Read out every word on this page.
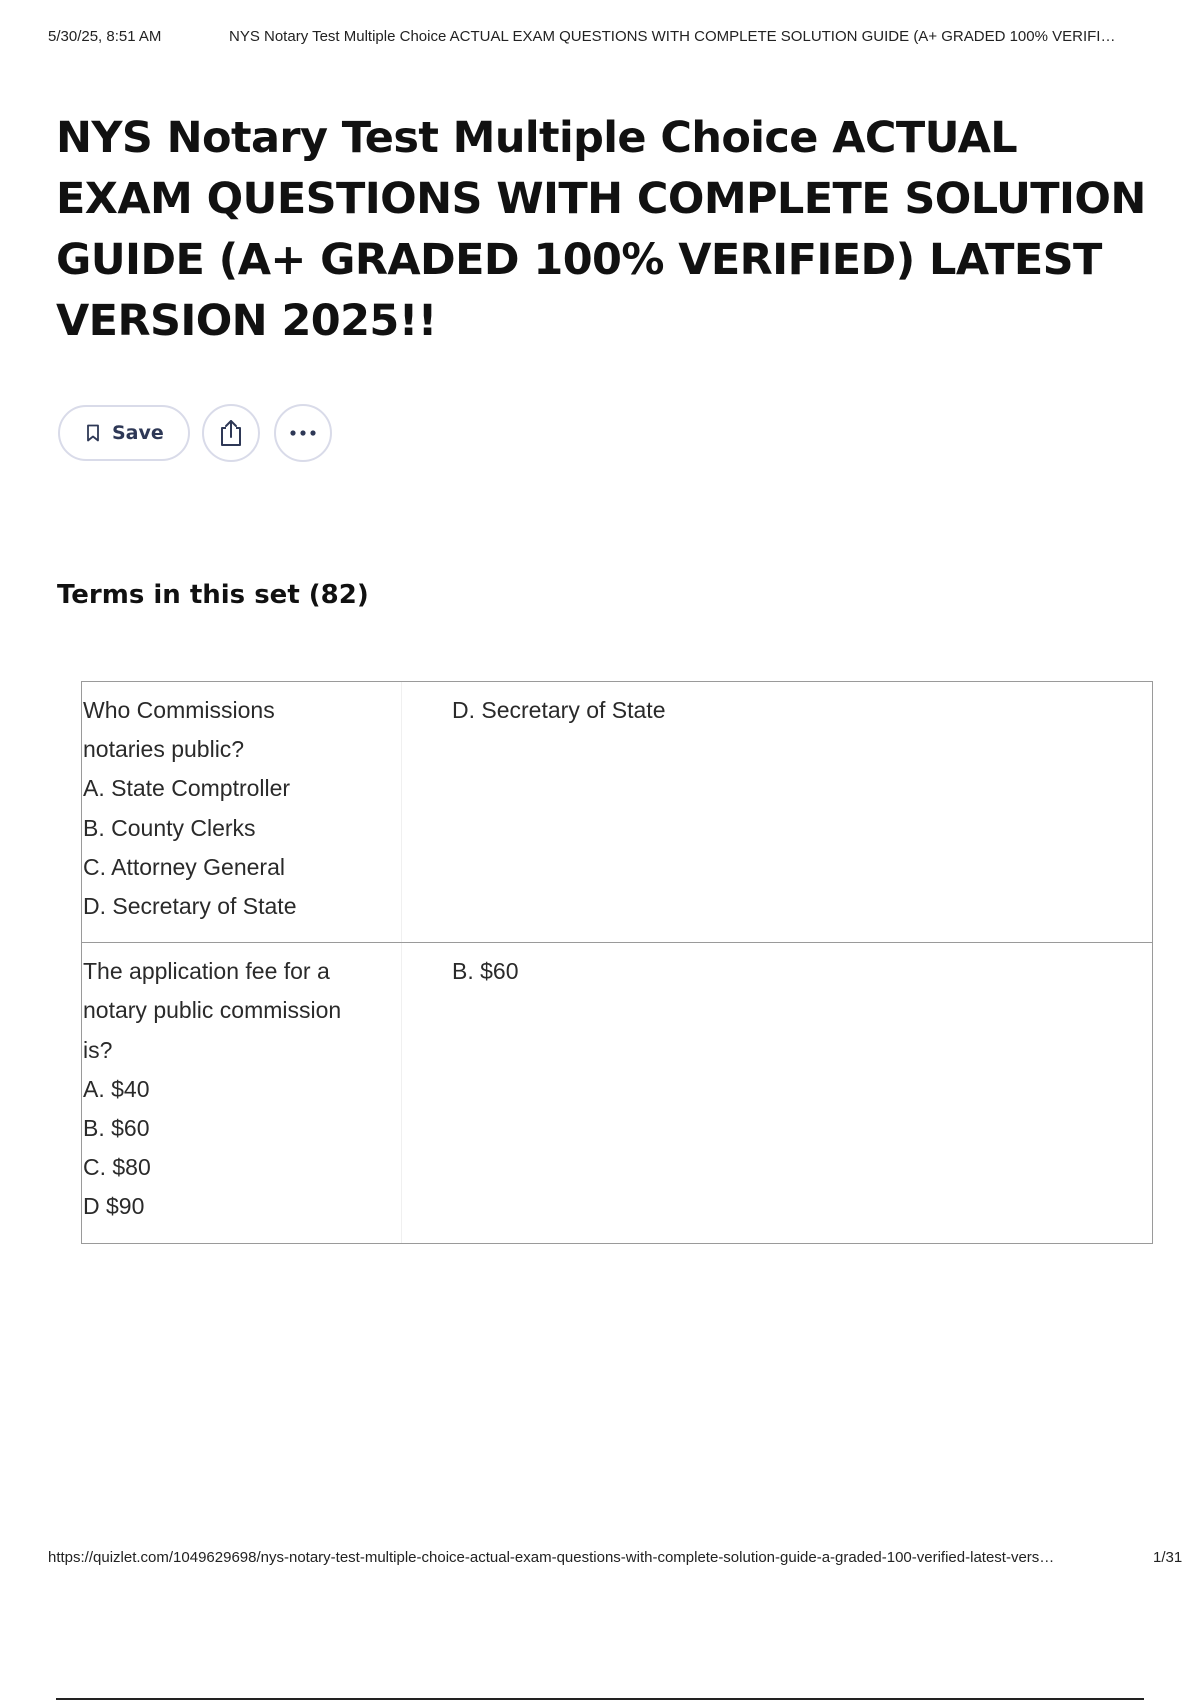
5/30/25, 8:51 AM	NYS Notary Test Multiple Choice ACTUAL EXAM QUESTIONS WITH COMPLETE SOLUTION GUIDE (A+ GRADED 100% VERIFI…
NYS Notary Test Multiple Choice ACTUAL EXAM QUESTIONS WITH COMPLETE SOLUTION GUIDE (A+ GRADED 100% VERIFIED) LATEST VERSION 2025!!
Save
Terms in this set (82)
Who Commissions
notaries public?
A. State Comptroller
B. County Clerks
C. Attorney General
D. Secretary of State
D. Secretary of State
The application fee for a
notary public commission
is?
A. $40
B. $60
C. $80
D $90
B. $60
https://quizlet.com/1049629698/nys-notary-test-multiple-choice-actual-exam-questions-with-complete-solution-guide-a-graded-100-verified-latest-vers…	1/31
